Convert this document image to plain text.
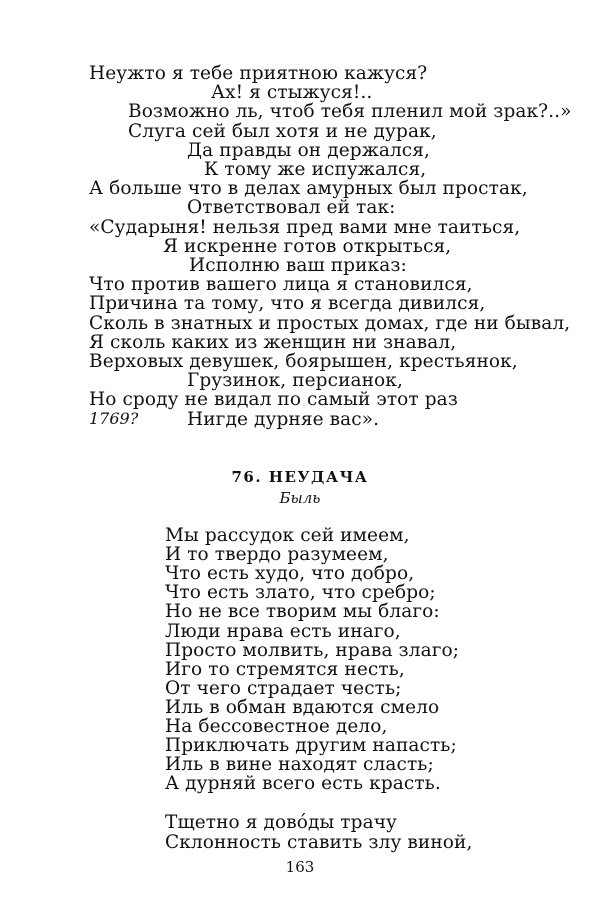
Неужто я тебе приятною кажуся?
Ах! я стыжуся!..
Возможно ль, чтоб тебя пленил мой зрак?..»
Слуга сей был хотя и не дурак,
Да правды он держался,
К тому же испужался,
А больше что в делах амурных был простак,
Ответствовал ей так:
«Сударыня! нельзя пред вами мне таиться,
Я искренне готов открыться,
Исполню ваш приказ:
Что против вашего лица я становился,
Причина та тому, что я всегда дивился,
Сколь в знатных и простых домах, где ни бывал,
Я сколь каких из женщин ни знавал,
Верховых девушек, боярышен, крестьянок,
Грузинок, персианок,
Но сроду не видал по самый этот раз
Нигде дурняе вас».
1769?
76. НЕУДАЧА
Быль
Мы рассудок сей имеем,
И то твердо разумеем,
Что есть худо, что добро,
Что есть злато, что сребро;
Но не все творим мы благо:
Люди нрава есть инаго,
Просто молвить, нрава злаго;
Иго то стремятся несть,
От чего страдает честь;
Иль в обман вдаются смело
На бессовестное дело,
Приключать другим напасть;
Иль в вине находят сласть;
А дурняй всего есть красть.
Тщетно я довóды трачу
Склонность ставить злу виной,
163
